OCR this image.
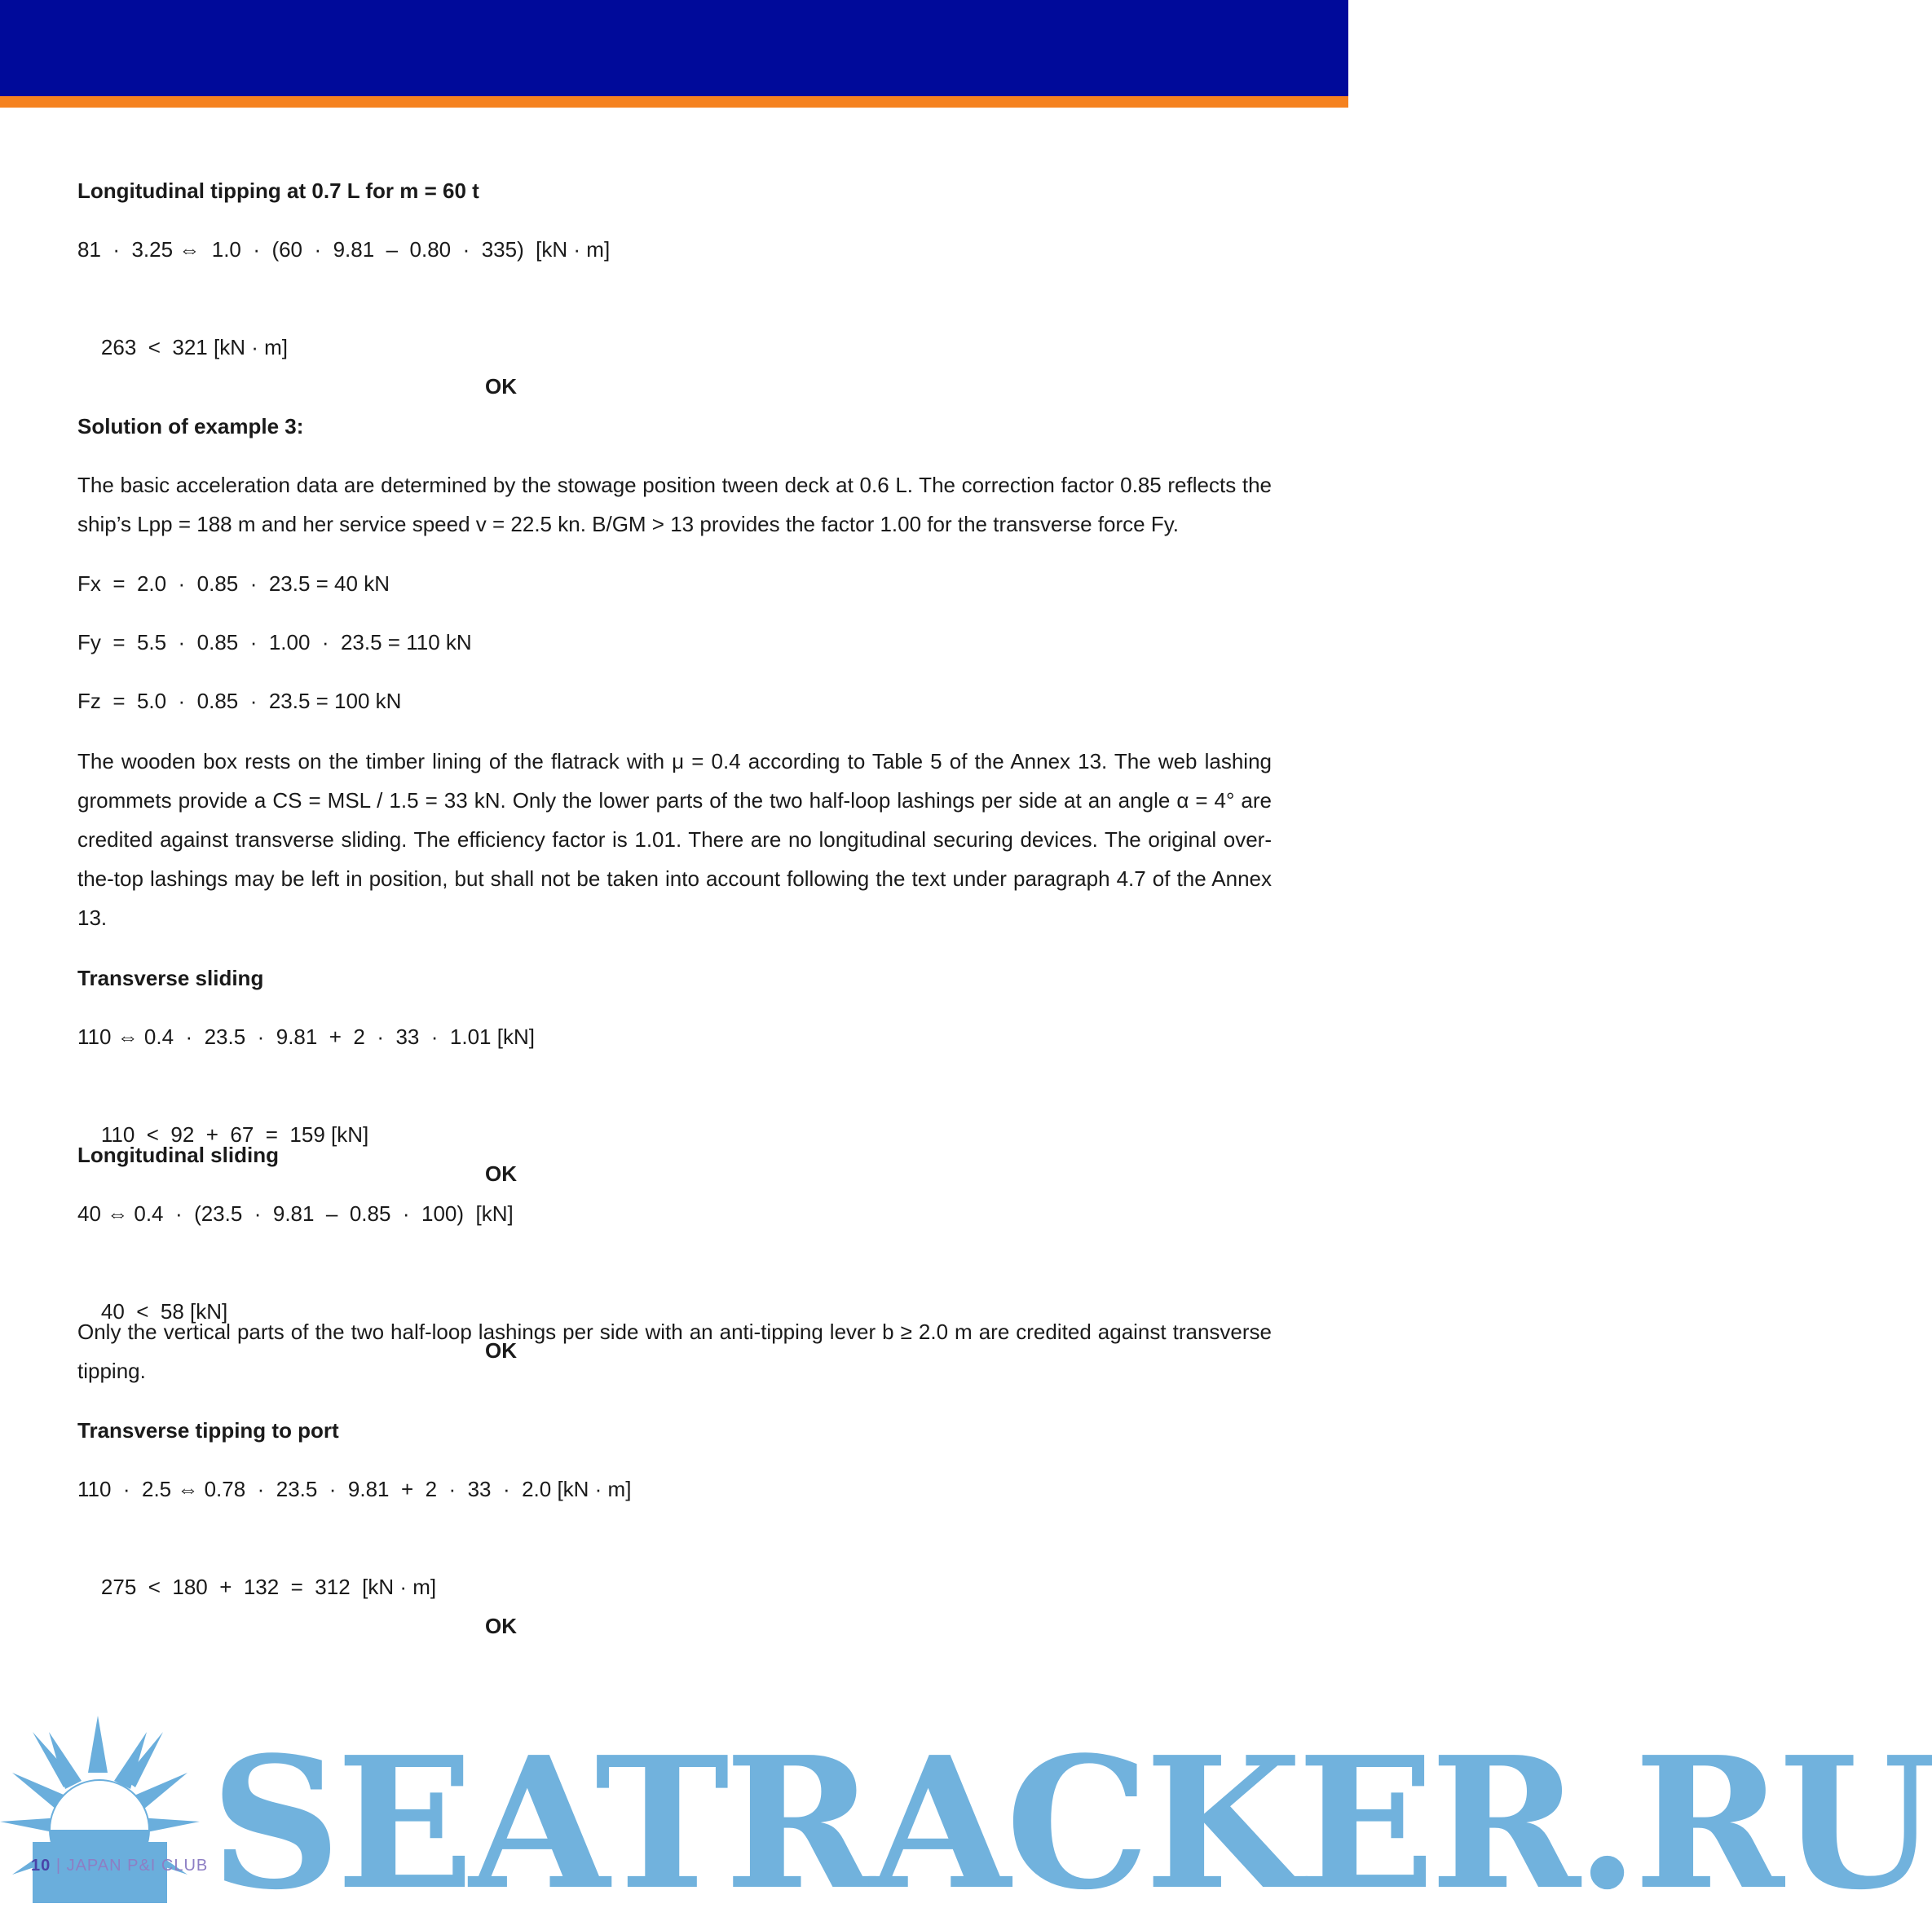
Longitudinal tipping at 0.7 L for m = 60 t
81  ·  3.25 ⇔  1.0  ·  (60  ·  9.81  –  0.80  ·  335)  [kN · m]

263  <  321 [kN · m]

OK

Solution of example 3:
The basic acceleration data are determined by the stowage position tween deck at 0.6 L. The correction factor 0.85 reflects the ship’s Lpp = 188 m and her service speed v = 22.5 kn. B/GM > 13 provides the factor 1.00 for the transverse force Fy.
Fx  =  2.0  ·  0.85  ·  23.5 = 40 kN
Fy  =  5.5  ·  0.85  ·  1.00  ·  23.5 = 110 kN
Fz  =  5.0  ·  0.85  ·  23.5 = 100 kN
The wooden box rests on the timber lining of the flatrack with μ = 0.4 according to Table 5 of the Annex 13. The web lashing grommets provide a CS = MSL / 1.5 = 33 kN. Only the lower parts of the two half-loop lashings per side at an angle α = 4° are credited against transverse sliding. The efficiency factor is 1.01. There are no longitudinal securing devices. The original over-the-top lashings may be left in position, but shall not be taken into account following the text under paragraph 4.7 of the Annex 13.
Transverse sliding
110 ⇔ 0.4  ·  23.5  ·  9.81  +  2  ·  33  ·  1.01 [kN]

110  <  92  +  67  =  159 [kN]

OK

Longitudinal sliding
40 ⇔ 0.4  ·  (23.5  ·  9.81  –  0.85  ·  100)  [kN]

40  <  58 [kN]

OK

Only the vertical parts of the two half-loop lashings per side with an anti-tipping lever b ≥ 2.0 m are credited against transverse tipping.
Transverse tipping to port
110  ·  2.5 ⇔ 0.78  ·  23.5  ·  9.81  +  2  ·  33  ·  2.0 [kN · m]

275  <  180  +  132  =  312  [kN · m]

OK

SEATRACKER.RU
10 | JAPAN P&I CLUB
